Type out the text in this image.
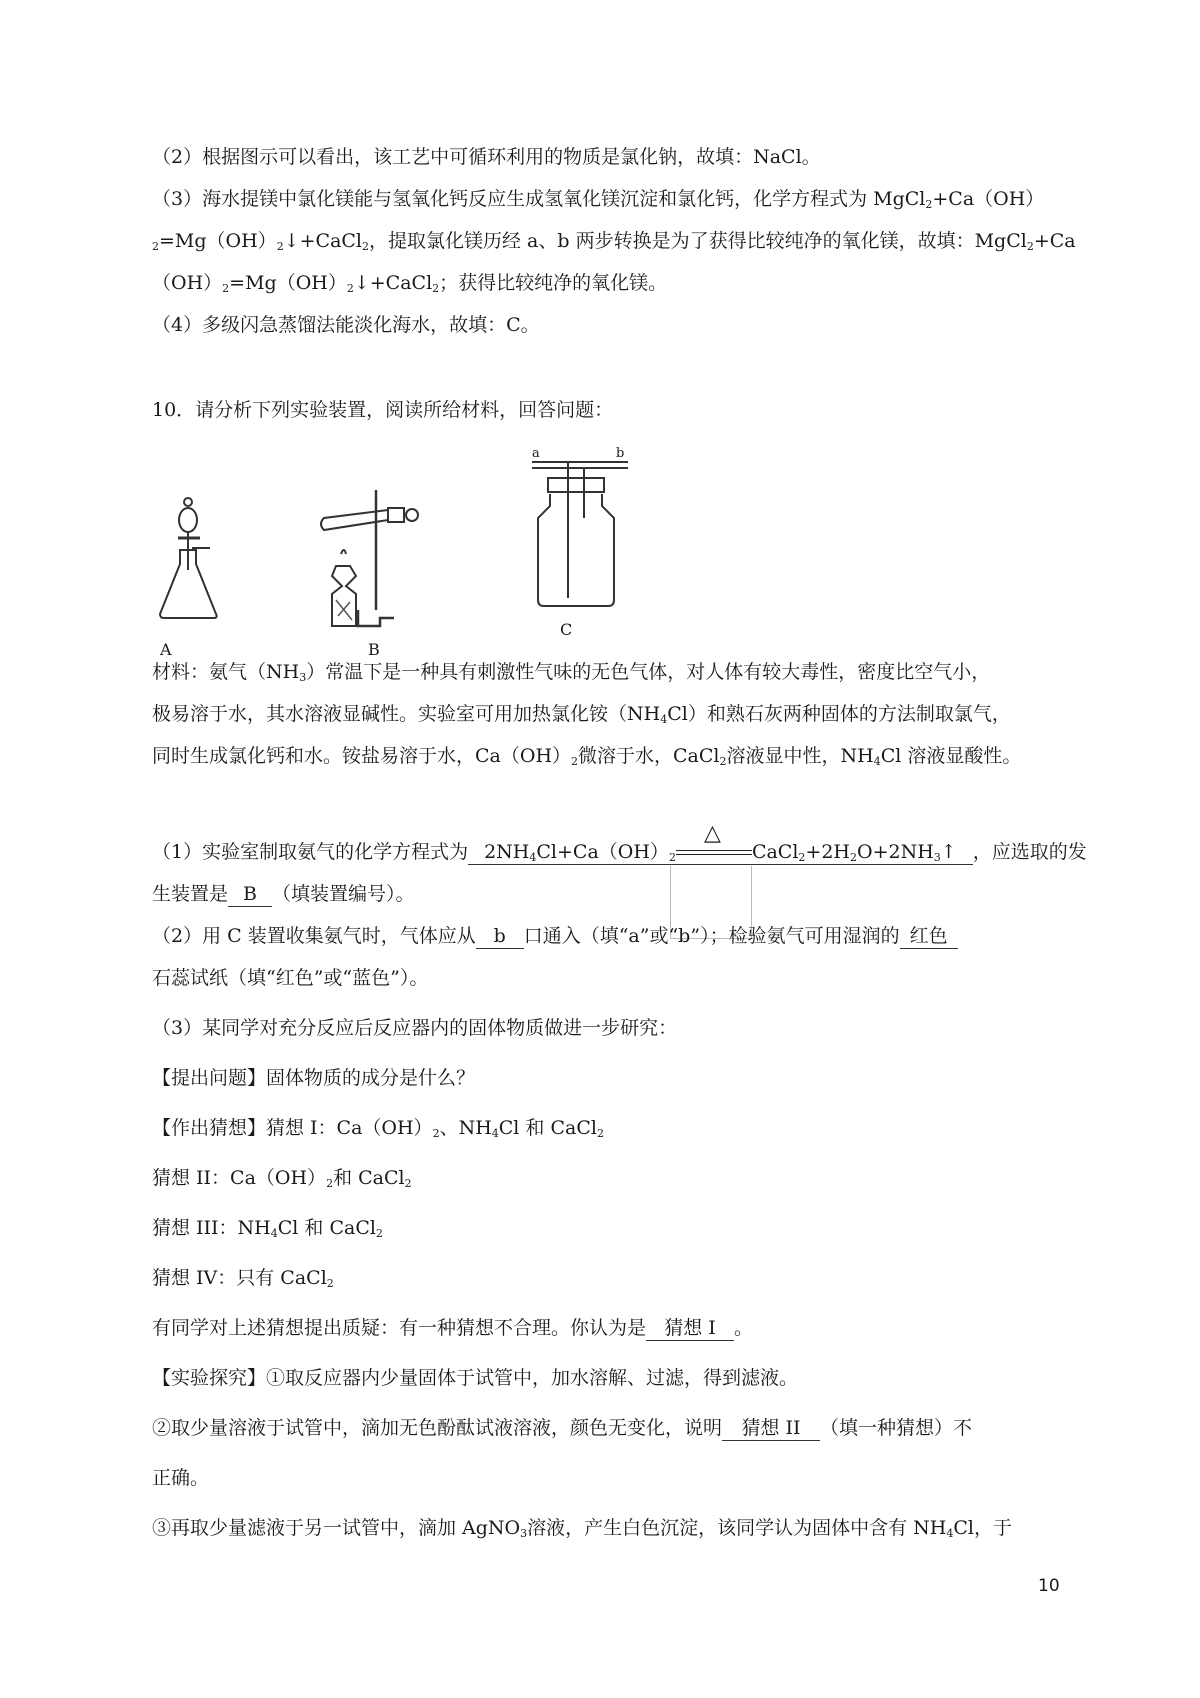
（2）根据图示可以看出，该工艺中可循环利用的物质是氯化钠，故填：NaCl。
（3）海水提镁中氯化镁能与氢氧化钙反应生成氢氧化镁沉淀和氯化钙，化学方程式为 MgCl$_2$+Ca（OH）
$_2=Mg(OH)_2↓+CaCl_2$，提取氯化镁历经 a、b 两步转换是为了获得比较纯净的氧化镁，故填：MgCl$_2$+Ca
$(OH)_2=Mg(OH)_2↓+CaCl_2$；获得比较纯净的氧化镁。
（4）多级闪急蒸馏法能淡化海水，故填：C。
10．请分析下列实验装置，阅读所给材料，回答问题：
A	B
a	b
C
材料：氨气$(NH_3)$常温下是一种具有刺激性气味的无色气体，对人体有较大毒性，密度比空气小，
极易溶于水，其水溶液显碱性。实验室可用加热氯化铵$(NH_4Cl)$和熟石灰两种固体的方法制取氯气，
同时生成氯化钙和水。铵盐易溶于水，$Ca(OH)_2$微溶于水，CaCl$_2$溶液显中性，$NH_4Cl$ 溶液显酸性。
（1）实验室制取氨气的化学方程式为 $2NH_4Cl+Ca(OH)_2$
△
$CaCl_2+2H_2O+2NH_3↑$ ，应选取的发
生装置是 B （填装置编号）。
（2）用 C 装置收集氨气时，气体应从 b 口通入（填“a”或“b”）；检验氨气可用湿润的 红色
石蕊试纸（填“红色”或“蓝色”）。
（3）某同学对充分反应后反应器内的固体物质做进一步研究：
【提出问题】固体物质的成分是什么？
【作出猜想】猜想 I：$Ca(OH)_2$、$NH_4Cl$ 和 CaCl$_2$
猜想 II：$Ca(OH)_2$和 CaCl$_2$
猜想 III：$NH_4Cl$ 和 CaCl$_2$
猜想 IV：只有 CaCl$_2$
有同学对上述猜想提出质疑：有一种猜想不合理。你认为是 猜想 I 。
【实验探究】①取反应器内少量固体于试管中，加水溶解、过滤，得到滤液。
②取少量溶液于试管中，滴加无色酚酞试液溶液，颜色无变化，说明 猜想 II （填一种猜想）不
正确。
③再取少量滤液于另一试管中，滴加 AgNO$_3$溶液，产生白色沉淀，该同学认为固体中含有 $NH_4Cl$，于
10
